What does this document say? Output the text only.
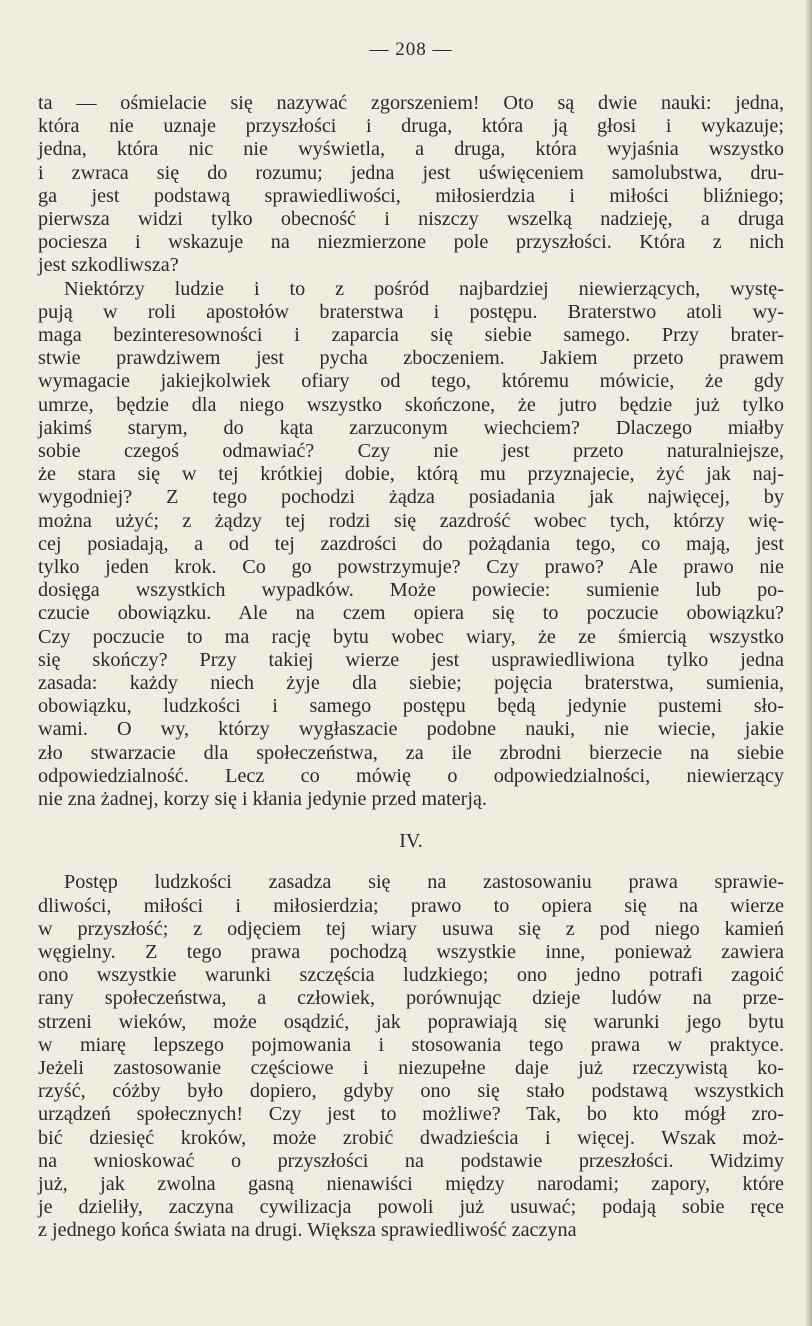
— 208 —
ta — ośmielacie się nazywać zgorszeniem! Oto są dwie nauki: jedna,
która nie uznaje przyszłości i druga, która ją głosi i wykazuje;
jedna, która nic nie wyświetla, a druga, która wyjaśnia wszystko
i zwraca się do rozumu; jedna jest uświęceniem samolubstwa, dru-
ga jest podstawą sprawiedliwości, miłosierdzia i miłości bliźniego;
pierwsza widzi tylko obecność i niszczy wszelką nadzieję, a druga
pociesza i wskazuje na niezmierzone pole przyszłości. Która z nich
jest szkodliwsza?
Niektórzy ludzie i to z pośród najbardziej niewierzących, wystę-
pują w roli apostołów braterstwa i postępu. Braterstwo atoli wy-
maga bezinteresowności i zaparcia się siebie samego. Przy brater-
stwie prawdziwem jest pycha zboczeniem. Jakiem przeto prawem
wymagacie jakiejkolwiek ofiary od tego, któremu mówicie, że gdy
umrze, będzie dla niego wszystko skończone, że jutro będzie już tylko
jakimś starym, do kąta zarzuconym wiechciem? Dlaczego miałby
sobie czegoś odmawiać? Czy nie jest przeto naturalniejsze,
że stara się w tej krótkiej dobie, którą mu przyznajecie, żyć jak naj-
wygodniej? Z tego pochodzi żądza posiadania jak najwięcej, by
można użyć; z żądzy tej rodzi się zazdrość wobec tych, którzy wię-
cej posiadają, a od tej zazdrości do pożądania tego, co mają, jest
tylko jeden krok. Co go powstrzymuje? Czy prawo? Ale prawo nie
dosięga wszystkich wypadków. Może powiecie: sumienie lub po-
czucie obowiązku. Ale na czem opiera się to poczucie obowiązku?
Czy poczucie to ma rację bytu wobec wiary, że ze śmiercią wszystko
się skończy? Przy takiej wierze jest usprawiedliwiona tylko jedna
zasada: każdy niech żyje dla siebie; pojęcia braterstwa, sumienia,
obowiązku, ludzkości i samego postępu będą jedynie pustemi sło-
wami. O wy, którzy wygłaszacie podobne nauki, nie wiecie, jakie
zło stwarzacie dla społeczeństwa, za ile zbrodni bierzecie na siebie
odpowiedzialność. Lecz co mówię o odpowiedzialności, niewierzący
nie zna żadnej, korzy się i kłania jedynie przed materją.
IV.
Postęp ludzkości zasadza się na zastosowaniu prawa sprawie-
dliwości, miłości i miłosierdzia; prawo to opiera się na wierze
w przyszłość; z odjęciem tej wiary usuwa się z pod niego kamień
węgielny. Z tego prawa pochodzą wszystkie inne, ponieważ zawiera
ono wszystkie warunki szczęścia ludzkiego; ono jedno potrafi zagoić
rany społeczeństwa, a człowiek, porównując dzieje ludów na prze-
strzeni wieków, może osądzić, jak poprawiają się warunki jego bytu
w miarę lepszego pojmowania i stosowania tego prawa w praktyce.
Jeżeli zastosowanie częściowe i niezupełne daje już rzeczywistą ko-
rzyść, cóżby było dopiero, gdyby ono się stało podstawą wszystkich
urządzeń społecznych! Czy jest to możliwe? Tak, bo kto mógł zro-
bić dziesięć kroków, może zrobić dwadzieścia i więcej. Wszak moż-
na wnioskować o przyszłości na podstawie przeszłości. Widzimy
już, jak zwolna gasną nienawiści między narodami; zapory, które
je dzieliły, zaczyna cywilizacja powoli już usuwać; podają sobie ręce
z jednego końca świata na drugi. Większa sprawiedliwość zaczyna
